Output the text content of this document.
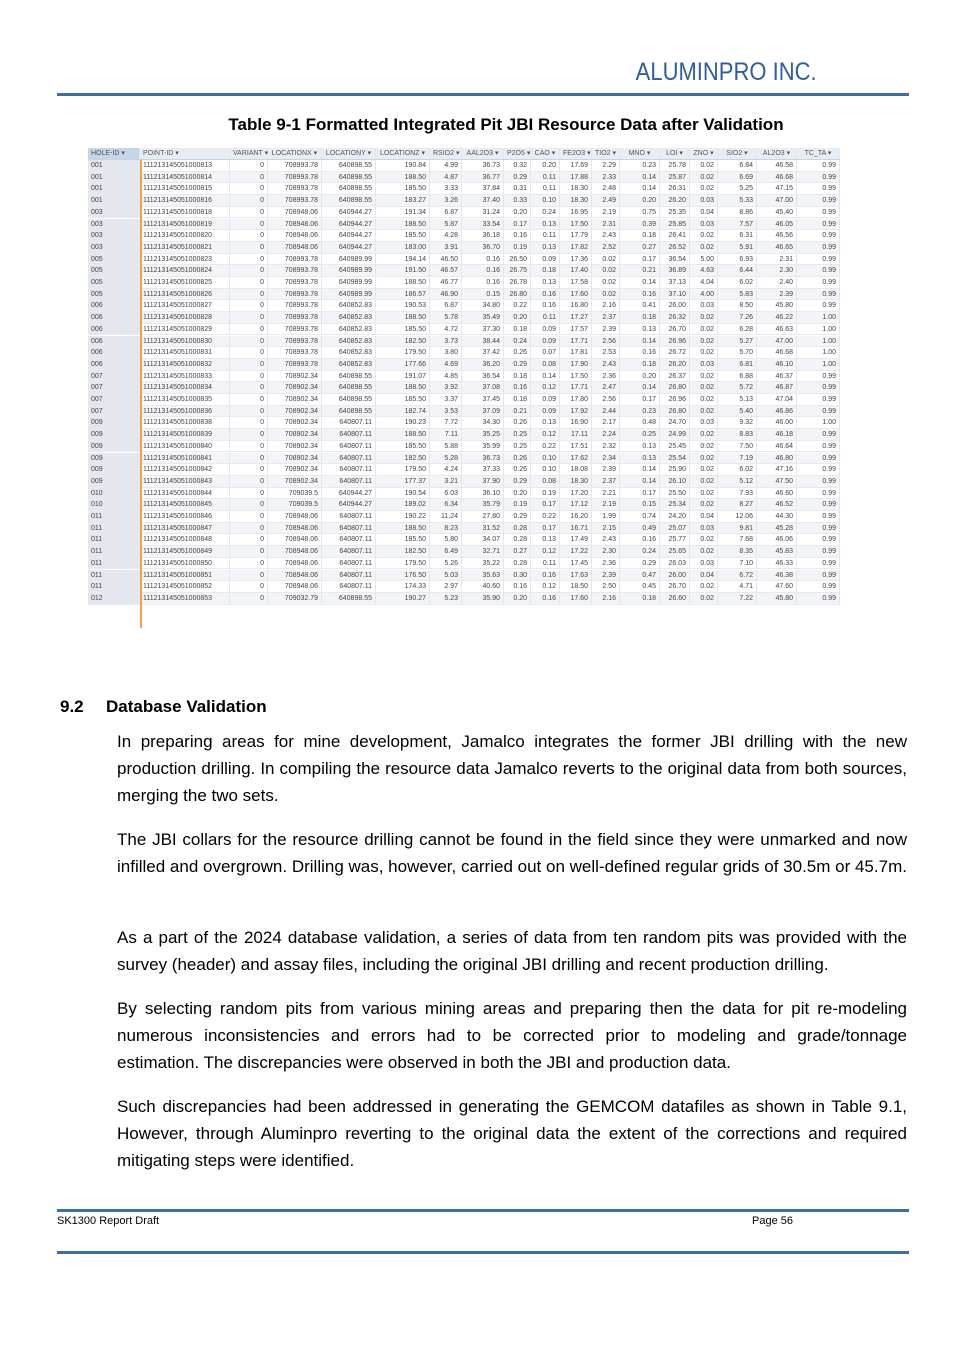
ALUMINPRO INC.
Table 9-1 Formatted Integrated Pit JBI Resource Data after Validation
HOLE-ID ▾	POINT-ID ▾	VARIANT ▾ LOCATIONX ▾	LOCATIONY ▾	LOCATIONZ ▾	RSIO2 ▾	AAL2O3 ▾	P2O5 ▾ CAO ▾	FE2O3 ▾ TIO2 ▾	MNO ▾	LOI ▾	ZNO ▾	SIO2 ▾	AL2O3 ▾	TC_TA ▾
001	111213145051000813	0	708993.78	640898.55	190.84	4.99	36.73	0.32	0.20	17.69	2.29	0.23	25.78	0.02	6.84	46.58	0.99
001	111213145051000814	0	708993.78	640898.55	188.50	4.87	36.77	0.29	0.11	17.88	2.33	0.14	25.87	0.02	6.69	46.68	0.99
001	111213145051000815	0	708993.78	640898.55	185.50	3.33	37.84	0.31	0.11	18.30	2.48	0.14	26.31	0.02	5.25	47.15	0.99
001	111213145051000816	0	708993.78	640898.55	183.27	3.26	37.40	0.33	0.10	18.30	2.49	0.20	26.20	0.03	5.33	47.00	0.99
003	111213145051000818	0	708948.06	640944.27	191.34	6.87	31.24	0.20	0.24	16.95	2.19	0.75	25.35	0.04	8.86	45.40	0.99
003	111213145051000819	0	708948.06	640944.27	188.50	5.87	33.54	0.17	0.13	17.50	2.31	0.39	25.85	0.03	7.57	46.05	0.99
003	111213145051000820	0	708948.06	640944.27	185.50	4.28	36.18	0.16	0.11	17.79	2.43	0.18	26.41	0.02	6.31	46.56	0.99
003	111213145051000821	0	708948.06	640944.27	183.00	3.91	36.70	0.19	0.13	17.82	2.52	0.27	26.52	0.02	5.91	46.65	0.99
005	111213145051000823	0	708993.78	640989.99	194.14	46.50	0.16	26.50	0.09	17.36	0.02	0.17	36.54	5.00	6.93	2.31	0.99
005	111213145051000824	0	708993.78	640989.99	191.50	46.57	0.16	26.75	0.18	17.40	0.02	0.21	36.89	4.63	6.44	2.30	0.99
005	111213145051000825	0	708993.78	640989.99	188.50	46.77	0.16	26.78	0.13	17.58	0.02	0.14	37.13	4.04	6.02	2.40	0.99
005	111213145051000826	0	708993.78	640989.99	186.57	46.90	0.15	26.80	0.16	17.60	0.02	0.16	37.10	4.00	5.83	2.39	0.99
006	111213145051000827	0	708993.78	640852.83	190.53	6.87	34.80	0.22	0.16	16.80	2.16	0.41	26.00	0.03	8.50	45.80	0.99
006	111213145051000828	0	708993.78	640852.83	188.50	5.78	35.49	0.20	0.11	17.27	2.37	0.18	26.32	0.02	7.26	46.22	1.00
006	111213145051000829	0	708993.78	640852.83	185.50	4.72	37.30	0.18	0.09	17.57	2.39	0.13	26.70	0.02	6.28	46.63	1.00
006	111213145051000830	0	708993.78	640852.83	182.50	3.73	38.44	0.24	0.09	17.71	2.56	0.14	26.96	0.02	5.27	47.00	1.00
006	111213145051000831	0	708993.78	640852.83	179.50	3.80	37.42	0.26	0.07	17.81	2.53	0.16	26.72	0.02	5.70	46.68	1.00
006	111213145051000832	0	708993.78	640852.83	177.66	4.69	36.20	0.29	0.08	17.90	2.43	0.18	26.20	0.03	6.81	46.10	1.00
007	111213145051000833	0	708902.34	640898.55	191.07	4.85	36.54	0.18	0.14	17.50	2.36	0.20	26.37	0.02	6.88	46.37	0.99
007	111213145051000834	0	708902.34	640898.55	188.50	3.92	37.08	0.16	0.12	17.71	2.47	0.14	26.80	0.02	5.72	46.87	0.99
007	111213145051000835	0	708902.34	640898.55	185.50	3.37	37.45	0.18	0.09	17.80	2.56	0.17	26.96	0.02	5.13	47.04	0.99
007	111213145051000836	0	708902.34	640898.55	182.74	3.53	37.09	0.21	0.09	17.92	2.44	0.23	26.80	0.02	5.40	46.86	0.99
009	111213145051000838	0	708902.34	640807.11	190.23	7.72	34.30	0.26	0.13	16.90	2.17	0.48	24.70	0.03	9.32	46.00	1.00
009	111213145051000839	0	708902.34	640807.11	188.50	7.11	35.25	0.25	0.12	17.11	2.24	0.25	24.99	0.02	8.83	46.18	0.99
009	111213145051000840	0	708902.34	640807.11	185.50	5.88	35.99	0.25	0.22	17.51	2.32	0.13	25.45	0.02	7.50	46.64	0.99
009	111213145051000841	0	708902.34	640807.11	182.50	5.28	36.73	0.26	0.10	17.62	2.34	0.13	25.54	0.02	7.19	46.80	0.99
009	111213145051000842	0	708902.34	640807.11	179.50	4.24	37.33	0.26	0.10	18.08	2.39	0.14	25.90	0.02	6.02	47.16	0.99
009	111213145051000843	0	708902.34	640807.11	177.37	3.21	37.90	0.29	0.08	18.30	2.37	0.14	26.10	0.02	5.12	47.50	0.99
010	111213145051000844	0	709039.5	640944.27	190.54	6.03	36.10	0.20	0.19	17.20	2.21	0.17	25.50	0.02	7.93	46.60	0.99
010	111213145051000845	0	709039.5	640944.27	189.02	6.34	35.79	0.19	0.17	17.12	2.19	0.15	25.34	0.02	8.27	46.52	0.99
011	111213145051000846	0	708948.06	640807.11	190.22	11.24	27.80	0.29	0.22	16.20	1.99	0.74	24.20	0.04	12.06	44.30	0.99
011	111213145051000847	0	708948.06	640807.11	188.50	8.23	31.52	0.28	0.17	16.71	2.15	0.49	25.07	0.03	9.81	45.28	0.99
011	111213145051000848	0	708948.06	640807.11	185.50	5.80	34.07	0.28	0.13	17.49	2.43	0.16	25.77	0.02	7.68	46.06	0.99
011	111213145051000849	0	708948.06	640807.11	182.50	6.49	32.71	0.27	0.12	17.22	2.30	0.24	25.65	0.02	8.35	45.83	0.99
011	111213145051000850	0	708948.06	640807.11	179.50	5.26	35.22	0.28	0.11	17.45	2.36	0.29	26.03	0.03	7.10	46.33	0.99
011	111213145051000851	0	708948.06	640807.11	176.50	5.03	35.63	0.30	0.16	17.63	2.39	0.47	26.00	0.04	6.72	46.38	0.99
011	111213145051000852	0	708948.06	640807.11	174.33	2.97	40.60	0.16	0.12	18.50	2.50	0.45	26.70	0.02	4.71	47.60	0.99
012	111213145051000853	0	709032.79	640898.55	190.27	5.23	35.90	0.20	0.16	17.60	2.16	0.18	26.60	0.02	7.22	45.80	0.99
9.2 Database Validation
In preparing areas for mine development, Jamalco integrates the former JBI drilling with the new production drilling. In compiling the resource data Jamalco reverts to the original data from both sources, merging the two sets.
The JBI collars for the resource drilling cannot be found in the field since they were unmarked and now infilled and overgrown. Drilling was, however, carried out on well-defined regular grids of 30.5m or 45.7m.
As a part of the 2024 database validation, a series of data from ten random pits was provided with the survey (header) and assay files, including the original JBI drilling and recent production drilling.
By selecting random pits from various mining areas and preparing then the data for pit re-modeling numerous inconsistencies and errors had to be corrected prior to modeling and grade/tonnage estimation. The discrepancies were observed in both the JBI and production data.
Such discrepancies had been addressed in generating the GEMCOM datafiles as shown in Table 9.1, However, through Aluminpro reverting to the original data the extent of the corrections and required mitigating steps were identified.
SK1300 Report Draft	Page 56
